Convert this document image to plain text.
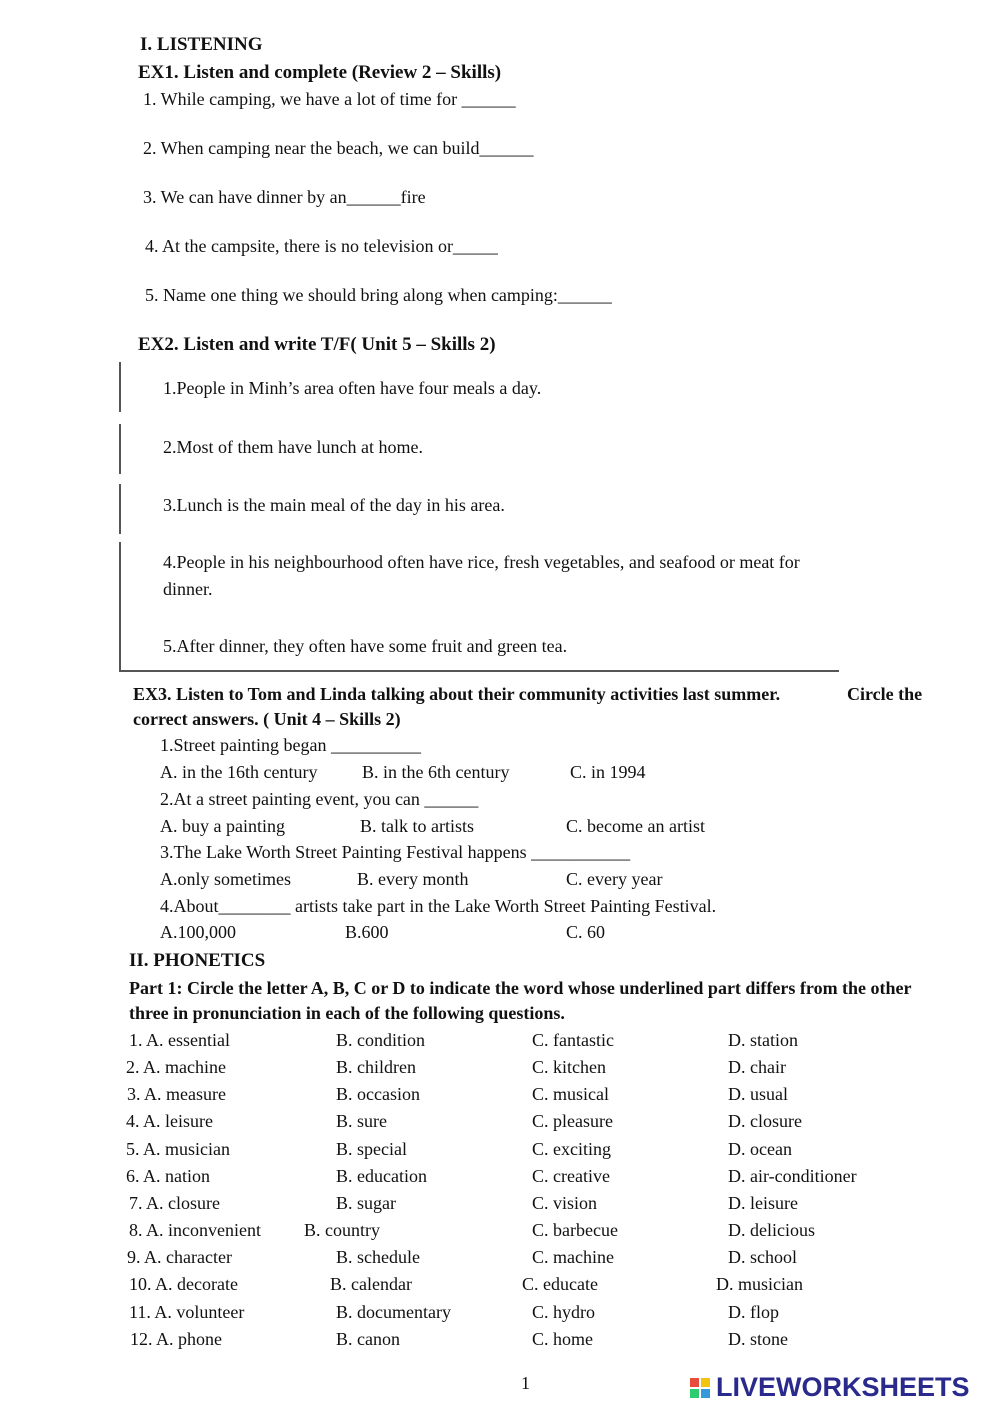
I. LISTENING
EX1. Listen and complete (Review 2 – Skills)
1. While camping, we have a lot of time for ______
2. When camping near the beach, we can build______
3. We can have dinner by an______fire
4. At the campsite, there is no television or_____
5. Name one thing we should bring along when camping:______
EX2. Listen and write T/F( Unit 5 – Skills 2)
1.People in Minh’s area often have four meals a day.
2.Most of them have lunch at home.
3.Lunch is the main meal of the day in his area.
4.People in his neighbourhood often have rice, fresh vegetables, and seafood or meat for
dinner.
5.After dinner, they often have some fruit and green tea.
EX3. Listen to Tom and Linda talking about their community activities last summer.	Circle the
correct answers. ( Unit 4 – Skills 2)
1.Street painting began __________
A. in the 16th century B. in the 6th century	C. in 1994
2.At a street painting event, you can ______
A. buy a painting	B. talk to artists	C. become an artist
3.The Lake Worth Street Painting Festival happens ___________
A.only sometimes	B. every month	C. every year
4.About________ artists take part in the Lake Worth Street Painting Festival.
A.100,000	B.600	C. 60
II. PHONETICS
Part 1: Circle the letter A, B, C or D to indicate the word whose underlined part differs from the other
three in pronunciation in each of the following questions.
1. A. essential	B. condition	C. fantastic	D. station
2. A. machine	B. children	C. kitchen	D. chair
3. A. measure	B. occasion	C. musical	D. usual
4. A. leisure	B. sure	C. pleasure	D. closure
5. A. musician	B. special	C. exciting	D. ocean
6. A. nation	B. education	C. creative	D. air-conditioner
7. A. closure	B. sugar	C. vision	D. leisure
8. A. inconvenient B. country	C. barbecue	D. delicious
9. A. character	B. schedule	C. machine	D. school
10. A. decorate	B. calendar	C. educate	D. musician
11. A. volunteer	B. documentary	C. hydro	D. flop
12. A. phone	B. canon	C. home	D. stone
1	LIVEWORKSHEETS
